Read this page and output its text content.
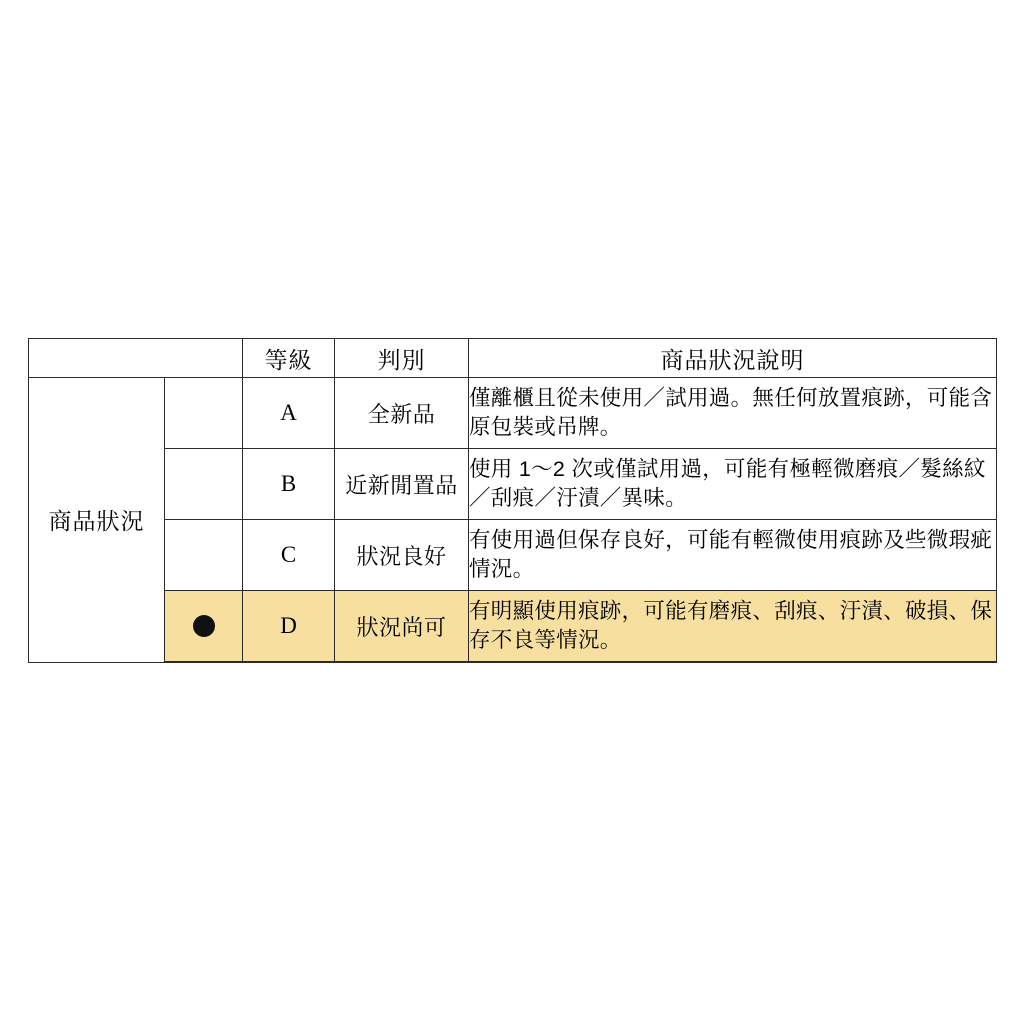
		等級	判別	商品狀況說明
商品狀況		A	全新品	僅離櫃且從未使用／試用過。無任何放置痕跡，可能含原包裝或吊牌。
		B	近新閒置品	使用 1～2 次或僅試用過，可能有極輕微磨痕／髮絲紋／刮痕／汙漬／異味。
		C	狀況良好	有使用過但保存良好，可能有輕微使用痕跡及些微瑕疵情況。
		D	狀況尚可	有明顯使用痕跡，可能有磨痕、刮痕、汙漬、破損、保存不良等情況。
